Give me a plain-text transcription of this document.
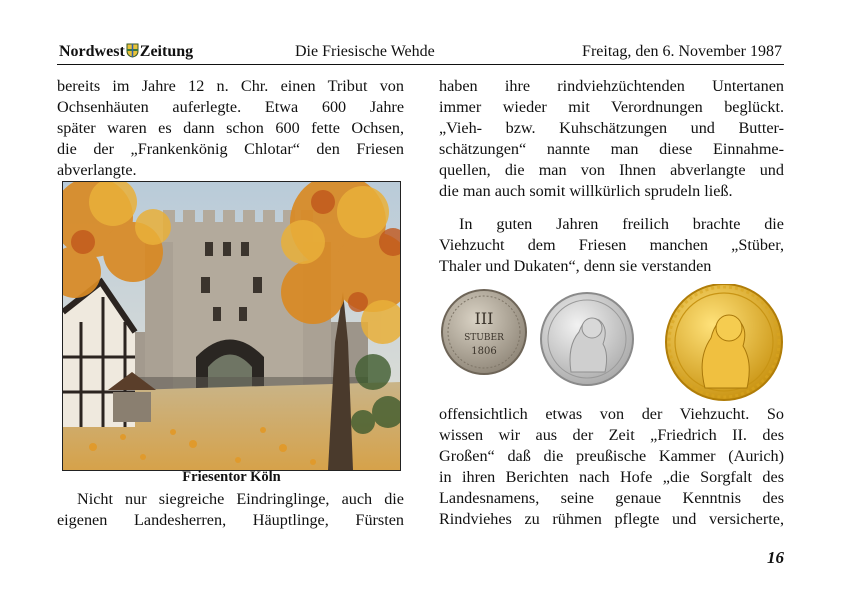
Nordwest Zeitung	Die Friesische Wehde	Freitag, den 6. November 1987
bereits im Jahre 12 n. Chr. einen Tribut von
Ochsenhäuten auferlegte. Etwa 600 Jahre
später waren es dann schon 600 fette Ochsen,
die der „Frankenkönig Chlotar“ den Friesen
abverlangte.
Friesentor Köln
Nicht nur siegreiche Eindringlinge, auch die
eigenen Landesherren, Häuptlinge, Fürsten
haben ihre rindviehzüchtenden Untertanen
immer wieder mit Verordnungen beglückt.
„Vieh- bzw. Kuhschätzungen und Butter-
schätzungen“ nannte man diese Einnahme-
quellen, die man von Ihnen abverlangte und
die man auch somit willkürlich sprudeln ließ.
In guten Jahren freilich brachte die
Viehzucht dem Friesen manchen „Stüber,
Thaler und Dukaten“, denn sie verstanden
III
STUBER
1806
offensichtlich etwas von der Viehzucht. So
wissen wir aus der Zeit „Friedrich II. des
Großen“ daß die preußische Kammer (Aurich)
in ihren Berichten nach Hofe „die Sorgfalt des
Landesnamens, seine genaue Kenntnis des
Rindviehes zu rühmen pflegte und versicherte,
16
